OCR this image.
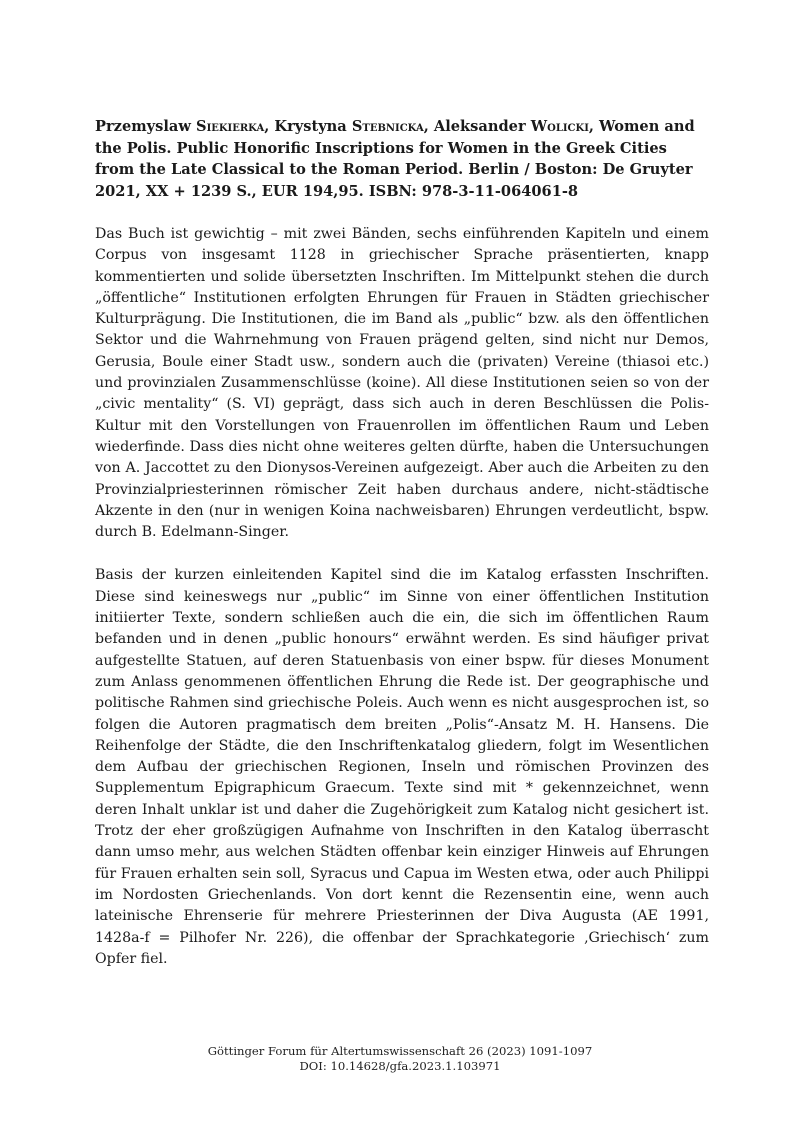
Przemyslaw Siekierka, Krystyna Stebnicka, Aleksander Wolicki, Women and the Polis. Public Honorific Inscriptions for Women in the Greek Cities from the Late Classical to the Roman Period. Berlin / Boston: De Gruyter 2021, XX + 1239 S., EUR 194,95. ISBN: 978-3-11-064061-8

Das Buch ist gewichtig – mit zwei Bänden, sechs einführenden Kapiteln und einem Corpus von insgesamt 1128 in griechischer Sprache präsentierten, knapp kommentierten und solide übersetzten Inschriften. Im Mittelpunkt stehen die durch „öffentliche“ Institutionen erfolgten Ehrungen für Frauen in Städten griechischer Kulturprägung. Die Institutionen, die im Band als „public“ bzw. als den öffentlichen Sektor und die Wahrnehmung von Frauen prägend gelten, sind nicht nur Demos, Gerusia, Boule einer Stadt usw., sondern auch die (privaten) Vereine (thiasoi etc.) und provinzialen Zusammenschlüsse (koine). All diese Institutionen seien so von der „civic mentality“ (S. VI) geprägt, dass sich auch in deren Beschlüssen die Polis-Kultur mit den Vorstellungen von Frauenrollen im öffentlichen Raum und Leben wiederfinde. Dass dies nicht ohne weiteres gelten dürfte, haben die Untersuchungen von A. Jaccottet zu den Dionysos-Vereinen aufgezeigt. Aber auch die Arbeiten zu den Provinzialpriesterinnen römischer Zeit haben durchaus andere, nicht-städtische Akzente in den (nur in wenigen Koina nachweisbaren) Ehrungen verdeutlicht, bspw. durch B. Edelmann-Singer.

Basis der kurzen einleitenden Kapitel sind die im Katalog erfassten Inschriften. Diese sind keineswegs nur „public“ im Sinne von einer öffentlichen Institution initiierter Texte, sondern schließen auch die ein, die sich im öffentlichen Raum befanden und in denen „public honours“ erwähnt werden. Es sind häufiger privat aufgestellte Statuen, auf deren Statuenbasis von einer bspw. für dieses Monument zum Anlass genommenen öffentlichen Ehrung die Rede ist. Der geographische und politische Rahmen sind griechische Poleis. Auch wenn es nicht ausgesprochen ist, so folgen die Autoren pragmatisch dem breiten „Polis“-Ansatz M. H. Hansens. Die Reihenfolge der Städte, die den Inschriftenkatalog gliedern, folgt im Wesentlichen dem Aufbau der griechischen Regionen, Inseln und römischen Provinzen des Supplementum Epigraphicum Graecum. Texte sind mit * gekennzeichnet, wenn deren Inhalt unklar ist und daher die Zugehörigkeit zum Katalog nicht gesichert ist. Trotz der eher großzügigen Aufnahme von Inschriften in den Katalog überrascht dann umso mehr, aus welchen Städten offenbar kein einziger Hinweis auf Ehrungen für Frauen erhalten sein soll, Syracus und Capua im Westen etwa, oder auch Philippi im Nordosten Griechenlands. Von dort kennt die Rezensentin eine, wenn auch lateinische Ehrenserie für mehrere Priesterinnen der Diva Augusta (AE 1991, 1428a-f = Pilhofer Nr. 226), die offenbar der Sprachkategorie ‚Griechisch‘ zum Opfer fiel.

Göttinger Forum für Altertumswissenschaft 26 (2023) 1091-1097
DOI: 10.14628/gfa.2023.1.103971
